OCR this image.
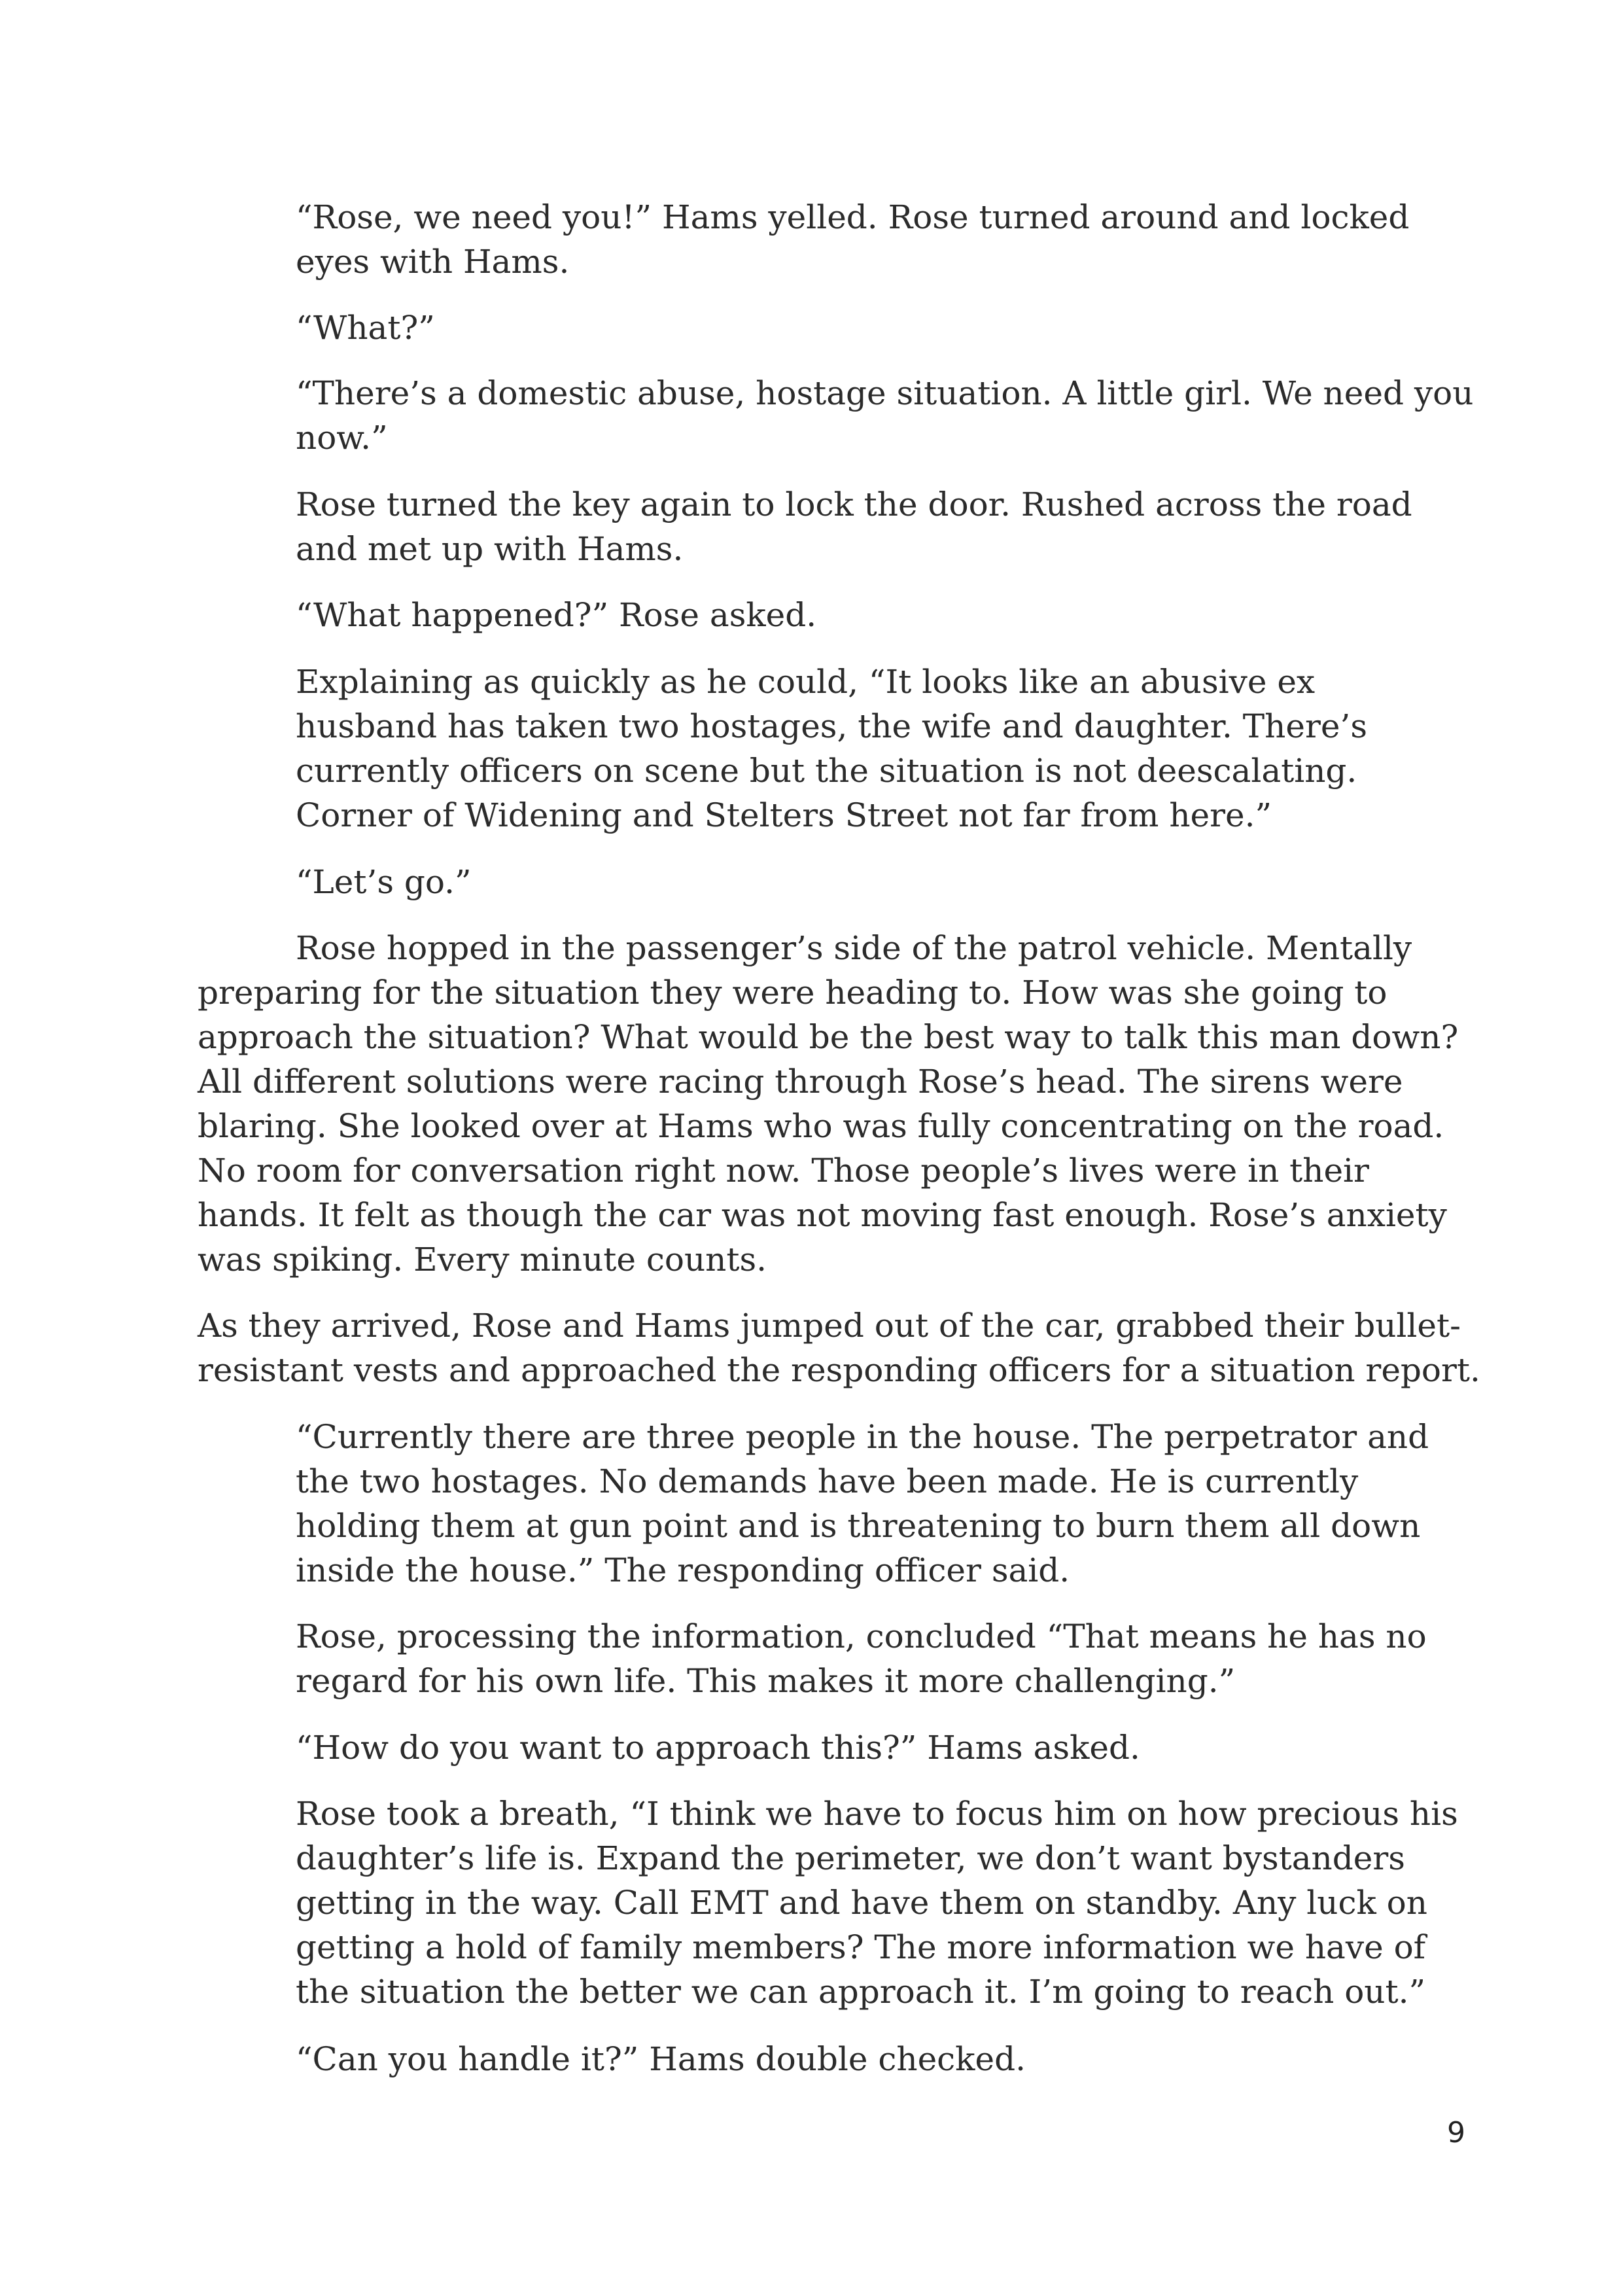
“Rose, we need you!” Hams yelled. Rose turned around and locked
eyes with Hams.
“What?”
“There’s a domestic abuse, hostage situation. A little girl. We need you
now.”
Rose turned the key again to lock the door. Rushed across the road
and met up with Hams.
“What happened?” Rose asked.
Explaining as quickly as he could, “It looks like an abusive ex
husband has taken two hostages, the wife and daughter. There’s
currently officers on scene but the situation is not deescalating.
Corner of Widening and Stelters Street not far from here.”
“Let’s go.”
Rose hopped in the passenger’s side of the patrol vehicle. Mentally
preparing for the situation they were heading to. How was she going to
approach the situation? What would be the best way to talk this man down?
All different solutions were racing through Rose’s head. The sirens were
blaring. She looked over at Hams who was fully concentrating on the road.
No room for conversation right now. Those people’s lives were in their
hands. It felt as though the car was not moving fast enough. Rose’s anxiety
was spiking. Every minute counts.
As they arrived, Rose and Hams jumped out of the car, grabbed their bullet-
resistant vests and approached the responding officers for a situation report.
“Currently there are three people in the house. The perpetrator and
the two hostages. No demands have been made. He is currently
holding them at gun point and is threatening to burn them all down
inside the house.” The responding officer said.
Rose, processing the information, concluded “That means he has no
regard for his own life. This makes it more challenging.”
“How do you want to approach this?” Hams asked.
Rose took a breath, “I think we have to focus him on how precious his
daughter’s life is. Expand the perimeter, we don’t want bystanders
getting in the way. Call EMT and have them on standby. Any luck on
getting a hold of family members? The more information we have of
the situation the better we can approach it. I’m going to reach out.”
“Can you handle it?” Hams double checked.
9
